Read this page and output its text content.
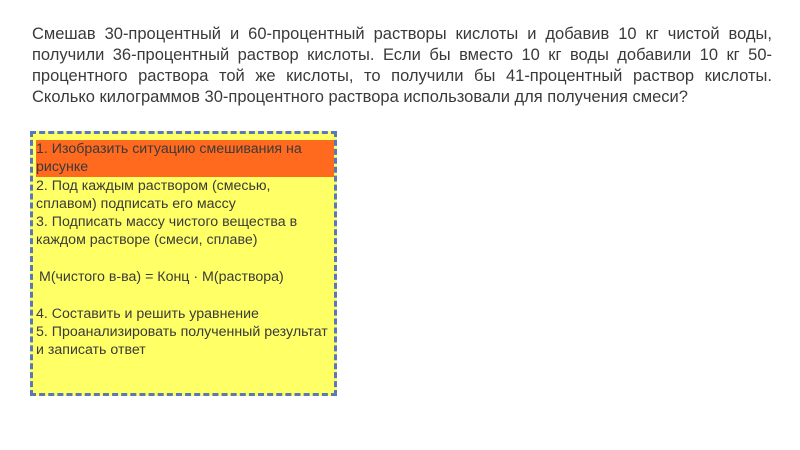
Смешав 30-процентный и 60-процентный растворы кислоты и добавив 10 кг чистой воды, получили 36-процентный раствор кислоты. Если бы вместо 10 кг воды добавили 10 кг 50-процентного раствора той же кислоты, то получили бы 41-процентный раствор кислоты. Сколько килограммов 30-процентного раствора использовали для получения смеси?

1. Изобразить ситуацию смешивания на рисунке

2. Под каждым раствором (смесью, сплавом) подписать его массу

3. Подписать массу чистого вещества в каждом растворе (смеси, сплаве)

М(чистого в-ва) = Конц · М(раствора)

4. Составить и решить уравнение

5. Проанализировать полученный результат и записать ответ
